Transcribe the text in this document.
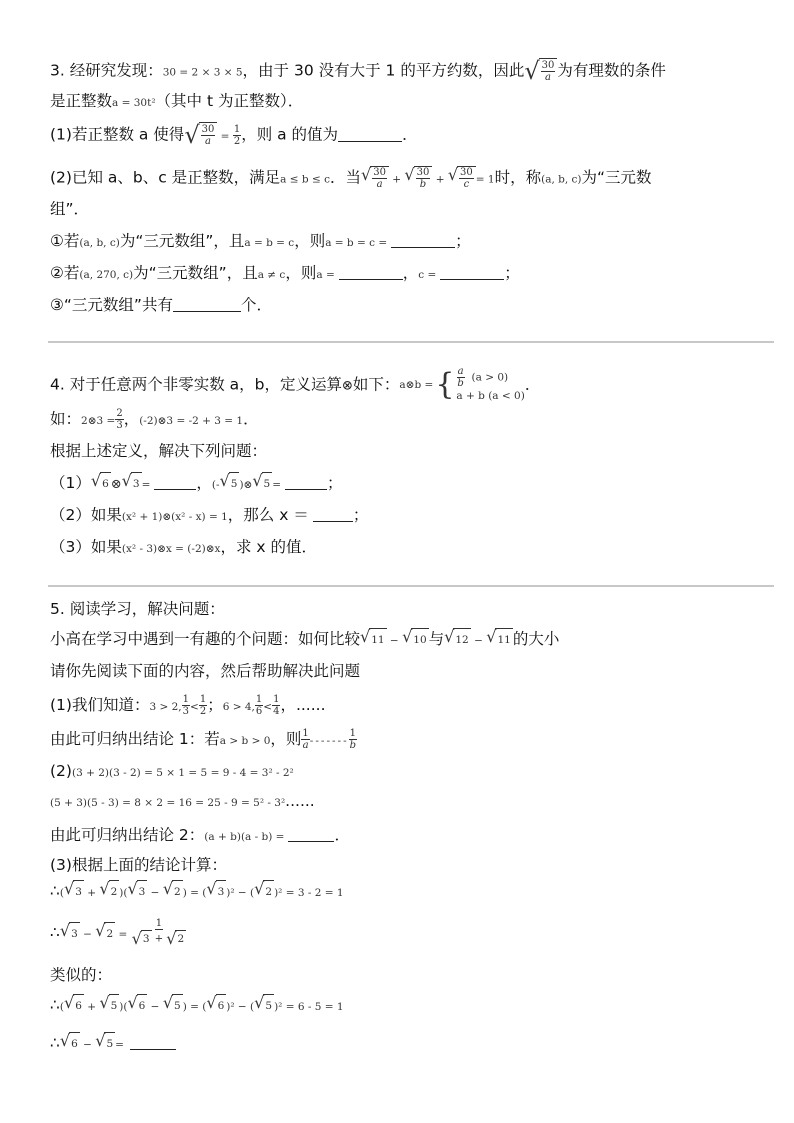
3. 经研究发现：30 = 2 × 3 × 5，由于 30 没有大于 1 的平方约数，因此 √ $\frac{30}{a}$ 为有理数的条件
是正整数a = 30t²（其中 t 为正整数）．
(1)若正整数 a 使得 √ $\frac{30}{a} = \frac{1}{2}$ ，则 a 的值为	．
(2)已知 a、b、c 是正整数，满足a ≤ b ≤ c．当 √ $\frac{30}{a}$ + √ $\frac{30}{b}$ + √ $\frac{30}{c} = 1$时，称(a, b, c)为“三元数
组”．
①若(a, b, c)为“三元数组”，且a = b = c，则a = b = c =	；
②若(a, 270, c)为“三元数组”，且a ≠ c，则a =	，c =	；
③“三元数组”共有	个．
4. 对于任意两个非零实数 a，b，定义运算⊗如下： a⊗b = { $\frac{a}{b} (a > 0)$
a + b (a < 0)
．
如：2⊗3 = $\frac{2}{3}$ ，(-2)⊗3 = -2 + 3 = 1．
根据上述定义，解决下列问题：
（1） √ 6 ⊗ √ 3 =	，(- √ 5 )⊗ √ 5 =	；
（2）如果(x² + 1)⊗(x² - x) = 1，那么 x ＝	；
（3）如果(x² - 3)⊗x = (-2)⊗x，求 x 的值．
5. 阅读学习，解决问题：
小高在学习中遇到一有趣的个问题：如何比较 √ 11 − √ 10 与 √ 12 − √ 11 的大小
请你先阅读下面的内容，然后帮助解决此问题
(1)我们知道：3 > 2, $\frac{1}{3} < \frac{1}{2}$ ；6 > 4, $\frac{1}{6} < \frac{1}{4}$ ，......
由此可归纳出结论 1：若a > b > 0，则 $\frac{1}{a}$ ------- $\frac{1}{b}$
(2)(3 + 2)(3 - 2) = 5 × 1 = 5 = 9 - 4 = 3² - 2²
(5 + 3)(5 - 3) = 8 × 2 = 16 = 25 - 9 = 5² - 3²......
由此可归纳出结论 2：(a + b)(a - b) =	．
(3)根据上面的结论计算：
∴( √ 3 + √ 2 )( √ 3 − √ 2 ) = ( √ 3 )² − ( √ 2 )² = 3 - 2 = 1
∴ √ 3 − √ $2 = \frac{1}{√ 3 + √ 2}$
类似的：
∴( √ 6 + √ 5 )( √ 6 − √ 5 ) = ( √ 6 )² − ( √ 5 )² = 6 - 5 = 1
∴ √ 6 − √ 5 =
